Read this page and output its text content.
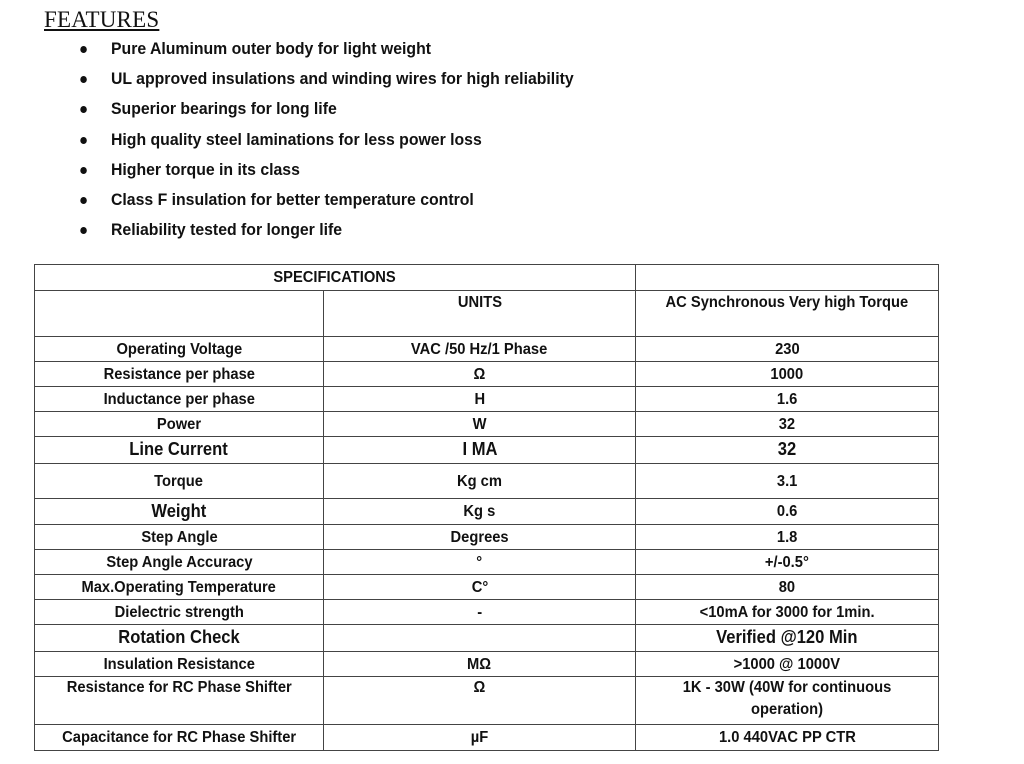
FEATURES
Pure Aluminum outer body for light weight
UL approved insulations and winding wires for high reliability
Superior bearings for long life
High quality steel laminations for less power loss
Higher torque in its class
Class F insulation for better temperature control
Reliability tested for longer life
SPECIFICATIONS		
	UNITS	AC Synchronous Very high Torque
Operating Voltage	VAC /50 Hz/1 Phase	230
Resistance per phase	Ω	1000
Inductance per phase	H	1.6
Power	W	32
Line Current	I MA	32
Torque	Kg cm	3.1
Weight	Kg s	0.6
Step Angle	Degrees	1.8
Step Angle Accuracy	°	+/-0.5°
Max.Operating Temperature	C°	80
Dielectric strength	-	<10mA for 3000 for 1min.
Rotation Check		Verified @120 Min
Insulation Resistance	MΩ	>1000 @ 1000V
Resistance for RC Phase Shifter	Ω	1K - 30W (40W for continuous operation)
Capacitance for RC Phase Shifter	µF	1.0 440VAC PP CTR
